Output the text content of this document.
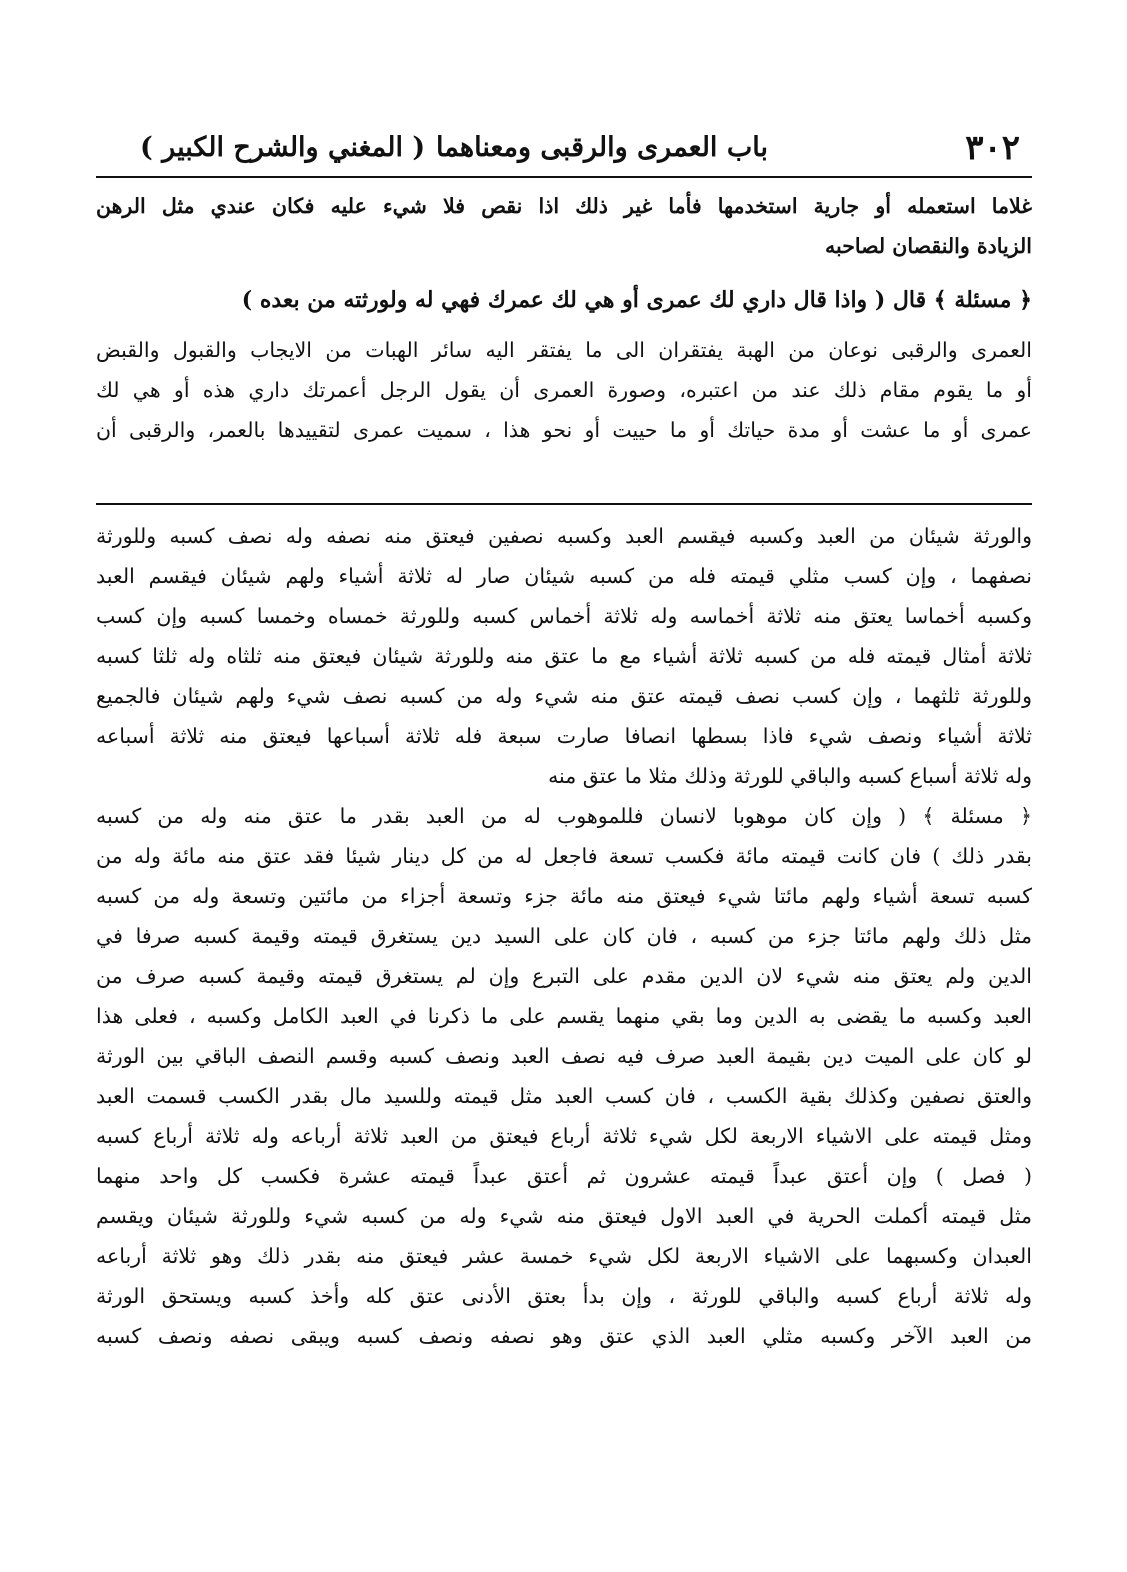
٣٠٢
باب العمرى والرقبى ومعناهما
( المغني والشرح الكبير )
غلاما استعمله أو جارية استخدمها فأما غير ذلك اذا نقص فلا شيء عليه فكان عندي مثل الرهن
الزيادة والنقصان لصاحبه
﴿ مسئلة ﴾ قال ( واذا قال داري لك عمرى أو هي لك عمرك فهي له ولورثته من بعده )
العمرى والرقبى نوعان من الهبة يفتقران الى ما يفتقر اليه سائر الهبات من الايجاب والقبول والقبض
أو ما يقوم مقام ذلك عند من اعتبره، وصورة العمرى أن يقول الرجل أعمرتك داري هذه أو هي لك
عمرى أو ما عشت أو مدة حياتك أو ما حييت أو نحو هذا ، سميت عمرى لتقييدها بالعمر، والرقبى أن
والورثة شيئان من العبد وكسبه فيقسم العبد وكسبه نصفين فيعتق منه نصفه وله نصف كسبه وللورثة
نصفهما ، وإن كسب مثلي قيمته فله من كسبه شيئان صار له ثلاثة أشياء ولهم شيئان فيقسم العبد
وكسبه أخماسا يعتق منه ثلاثة أخماسه وله ثلاثة أخماس كسبه وللورثة خمساه وخمسا كسبه وإن كسب
ثلاثة أمثال قيمته فله من كسبه ثلاثة أشياء مع ما عتق منه وللورثة شيئان فيعتق منه ثلثاه وله ثلثا كسبه
وللورثة ثلثهما ، وإن كسب نصف قيمته عتق منه شيء وله من كسبه نصف شيء ولهم شيئان فالجميع
ثلاثة أشياء ونصف شيء فاذا بسطها انصافا صارت سبعة فله ثلاثة أسباعها فيعتق منه ثلاثة أسباعه
وله ثلاثة أسباع كسبه والباقي للورثة وذلك مثلا ما عتق منه
﴿ مسئلة ﴾ ( وإن كان موهوبا لانسان فللموهوب له من العبد بقدر ما عتق منه وله من كسبه
بقدر ذلك ) فان كانت قيمته مائة فكسب تسعة فاجعل له من كل دينار شيئا فقد عتق منه مائة وله من
كسبه تسعة أشياء ولهم مائتا شيء فيعتق منه مائة جزء وتسعة أجزاء من مائتين وتسعة وله من كسبه
مثل ذلك ولهم مائتا جزء من كسبه ، فان كان على السيد دين يستغرق قيمته وقيمة كسبه صرفا في
الدين ولم يعتق منه شيء لان الدين مقدم على التبرع وإن لم يستغرق قيمته وقيمة كسبه صرف من
العبد وكسبه ما يقضى به الدين وما بقي منهما يقسم على ما ذكرنا في العبد الكامل وكسبه ، فعلى هذا
لو كان على الميت دين بقيمة العبد صرف فيه نصف العبد ونصف كسبه وقسم النصف الباقي بين الورثة
والعتق نصفين وكذلك بقية الكسب ، فان كسب العبد مثل قيمته وللسيد مال بقدر الكسب قسمت العبد
ومثل قيمته على الاشياء الاربعة لكل شيء ثلاثة أرباع فيعتق من العبد ثلاثة أرباعه وله ثلاثة أرباع كسبه
( فصل ) وإن أعتق عبداً قيمته عشرون ثم أعتق عبداً قيمته عشرة فكسب كل واحد منهما
مثل قيمته أكملت الحرية في العبد الاول فيعتق منه شيء وله من كسبه شيء وللورثة شيئان ويقسم
العبدان وكسبهما على الاشياء الاربعة لكل شيء خمسة عشر فيعتق منه بقدر ذلك وهو ثلاثة أرباعه
وله ثلاثة أرباع كسبه والباقي للورثة ، وإن بدأ بعتق الأدنى عتق كله وأخذ كسبه ويستحق الورثة
من العبد الآخر وكسبه مثلي العبد الذي عتق وهو نصفه ونصف كسبه ويبقى نصفه ونصف كسبه
